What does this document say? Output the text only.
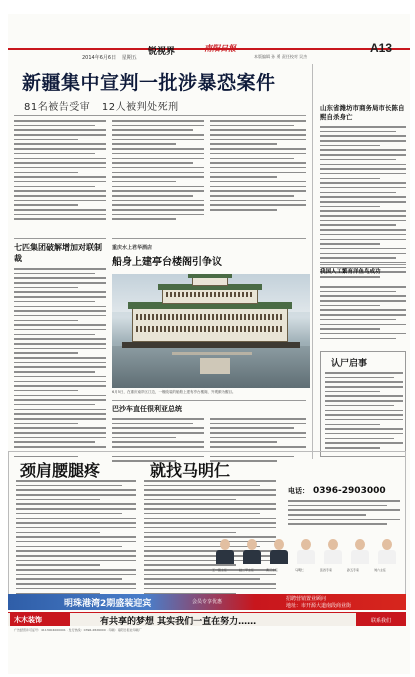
2014年6月6日 星期五
锐视界	南阳日报
本版编辑 孙 勇 责任校对 吴杰
A13
新疆集中宣判一批涉暴恐案件
81名被告受审 12人被判处死刑	山东省潍坊市商务局市长陈自熙自杀身亡
七匹集团破解增加对联制裁
重庆水上君华酒店
船身上建亭台楼阁引争议
6月5日，在重庆南岸区江边，一艘改装的船舶上建有亭台楼阁，外观颇为醒目。
巴沙车直任很利亚总统
我国人工繁育洋鱼鸟成功
认尸启事
颈肩腰腿疼	就找马明仁
电话： 0396-2903000
王一铭主任	赵二平主任	黄三主任	马明仁	张四专家	孙五专家	刘六主任
明珠港湾2期盛装迎宾	会员专享优惠	招聘营销置业顾问
地址：市开源大道南段商业街
木木装饰	有共享的梦想 其实我们一直在努力……	联系我们
广告经营许可证号：4113004000001 · 发行热线：0396-2826000 · 印刷：南阳日报社印刷厂
